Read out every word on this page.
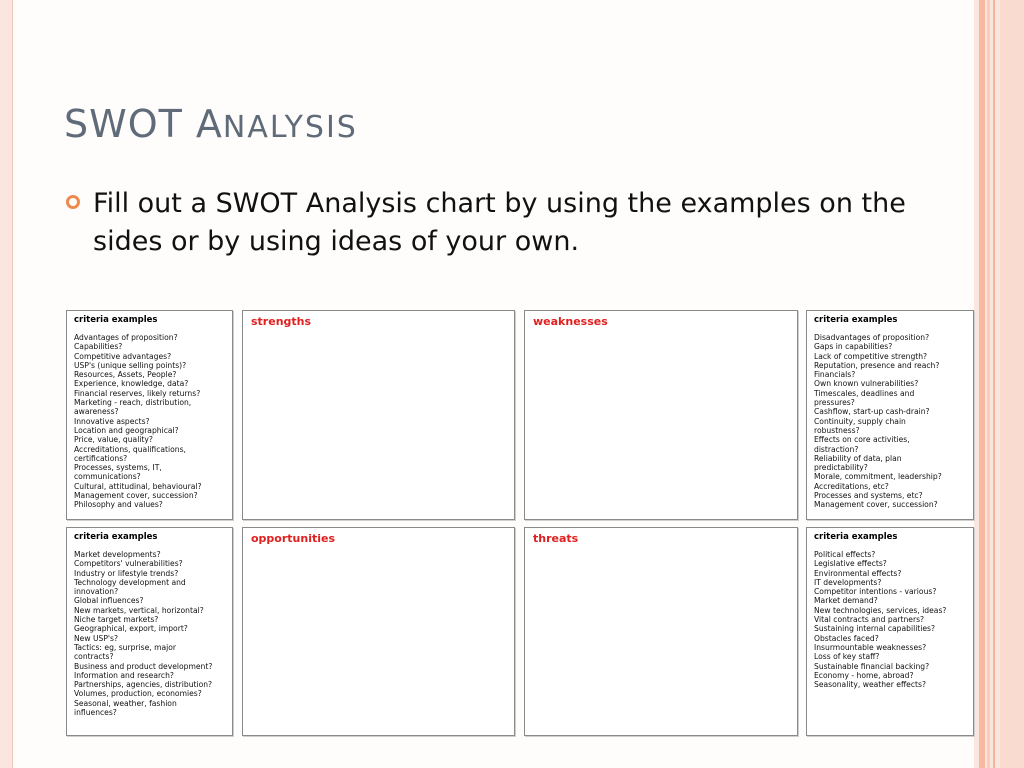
SWOT ANALYSIS

Fill out a SWOT Analysis chart by using the examples on the sides or by using ideas of your own.

criteria examples
Advantages of proposition?
Capabilities?
Competitive advantages?
USP's (unique selling points)?
Resources, Assets, People?
Experience, knowledge, data?
Financial reserves, likely returns?
Marketing - reach, distribution,
awareness?
Innovative aspects?
Location and geographical?
Price, value, quality?
Accreditations, qualifications,
certifications?
Processes, systems, IT,
communications?
Cultural, attitudinal, behavioural?
Management cover, succession?
Philosophy and values?
strengths	weaknesses	criteria examples
Disadvantages of proposition?
Gaps in capabilities?
Lack of competitive strength?
Reputation, presence and reach?
Financials?
Own known vulnerabilities?
Timescales, deadlines and
pressures?
Cashflow, start-up cash-drain?
Continuity, supply chain
robustness?
Effects on core activities,
distraction?
Reliability of data, plan
predictability?
Morale, commitment, leadership?
Accreditations, etc?
Processes and systems, etc?
Management cover, succession?
criteria examples
Market developments?
Competitors' vulnerabilities?
Industry or lifestyle trends?
Technology development and
innovation?
Global influences?
New markets, vertical, horizontal?
Niche target markets?
Geographical, export, import?
New USP's?
Tactics: eg, surprise, major
contracts?
Business and product development?
Information and research?
Partnerships, agencies, distribution?
Volumes, production, economies?
Seasonal, weather, fashion
influences?
opportunities	threats	criteria examples
Political effects?
Legislative effects?
Environmental effects?
IT developments?
Competitor intentions - various?
Market demand?
New technologies, services, ideas?
Vital contracts and partners?
Sustaining internal capabilities?
Obstacles faced?
Insurmountable weaknesses?
Loss of key staff?
Sustainable financial backing?
Economy - home, abroad?
Seasonality, weather effects?
